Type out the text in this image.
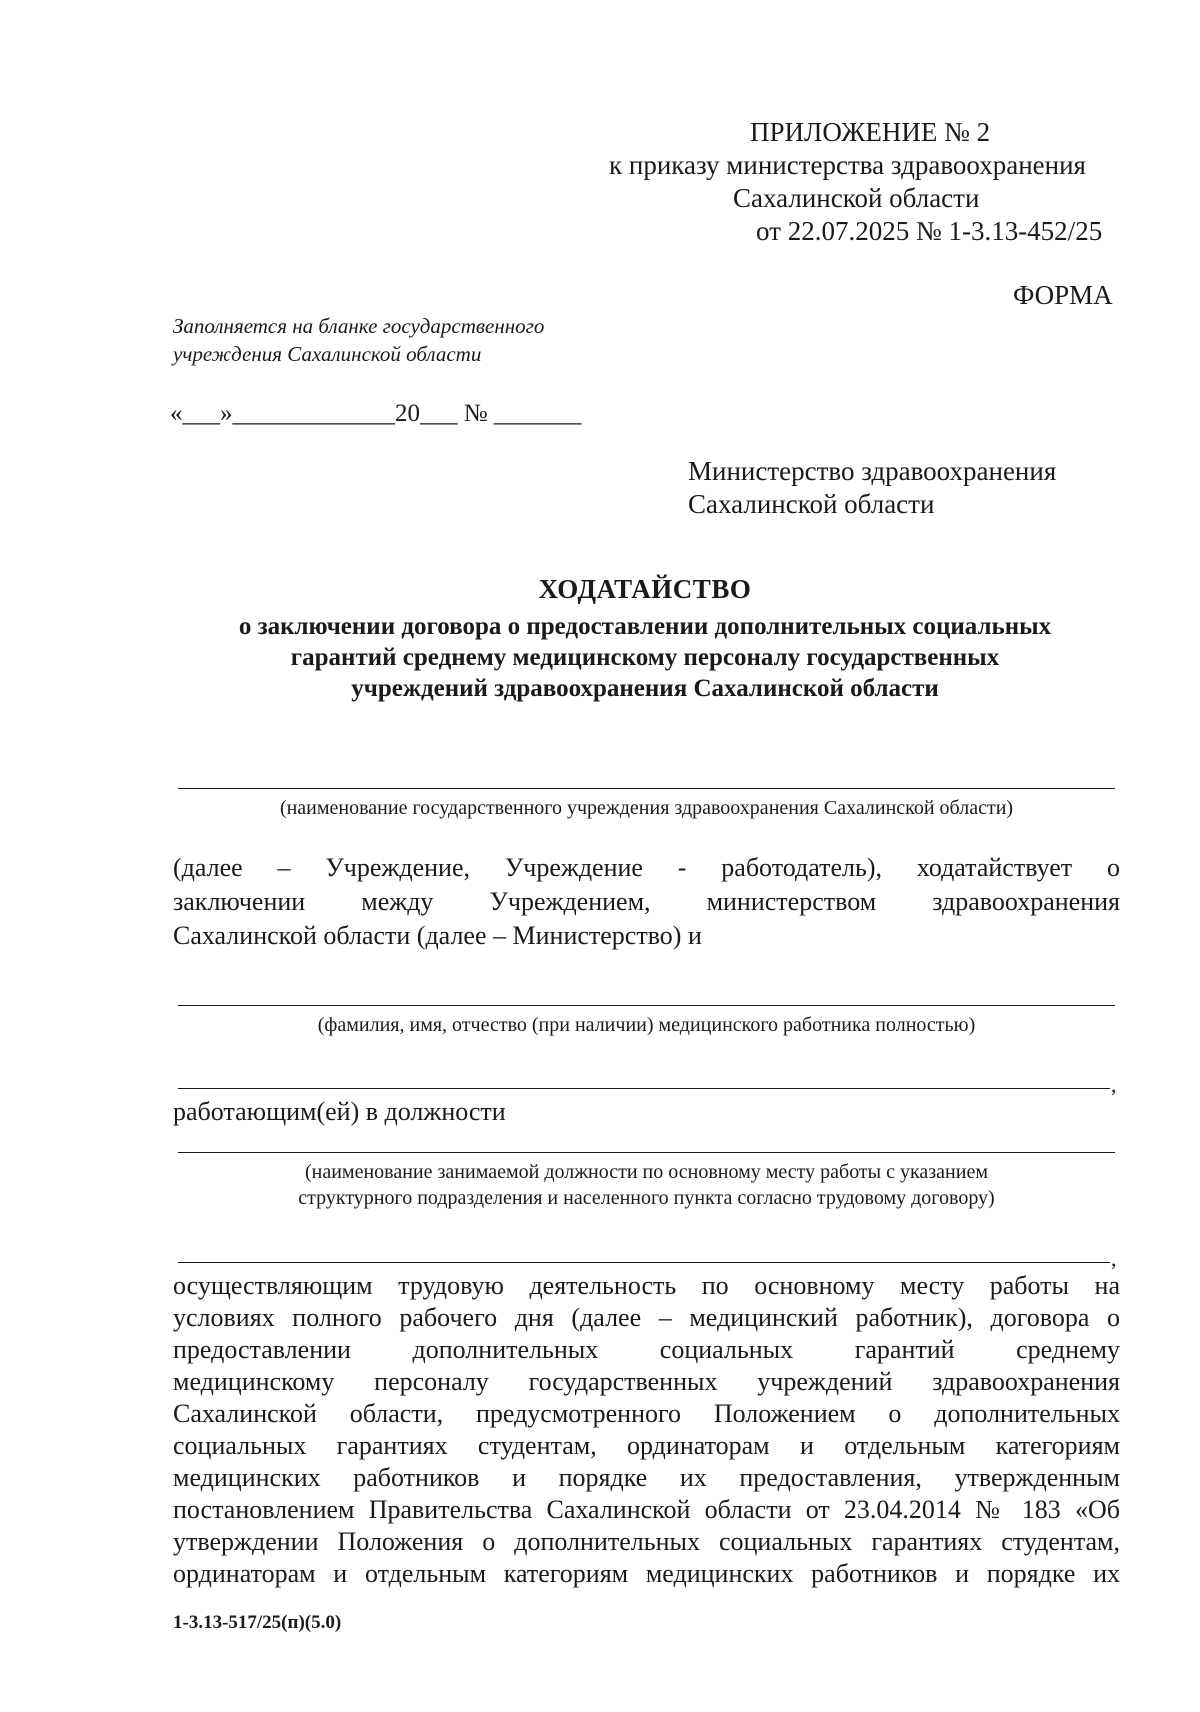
ПРИЛОЖЕНИЕ № 2
к приказу министерства здравоохранения
Сахалинской области
от 22.07.2025 № 1-3.13-452/25
ФОРМА
Заполняется на бланке государственного
учреждения Сахалинской области
«___»_____________20___ № _______
Министерство здравоохранения
Сахалинской области
ХОДАТАЙСТВО
о заключении договора о предоставлении дополнительных социальных
гарантий среднему медицинскому персоналу государственных
учреждений здравоохранения Сахалинской области
(наименование государственного учреждения здравоохранения Сахалинской области)
(далее – Учреждение, Учреждение - работодатель), ходатайствует о
заключении между Учреждением, министерством здравоохранения
Сахалинской области (далее – Министерство) и
(фамилия, имя, отчество (при наличии) медицинского работника полностью)
,
работающим(ей) в должности
(наименование занимаемой должности по основному месту работы с указанием
структурного подразделения и населенного пункта согласно трудовому договору)
,
осуществляющим трудовую деятельность по основному месту работы на
условиях полного рабочего дня (далее – медицинский работник), договора о
предоставлении дополнительных социальных гарантий среднему
медицинскому персоналу государственных учреждений здравоохранения
Сахалинской области, предусмотренного Положением о дополнительных
социальных гарантиях студентам, ординаторам и отдельным категориям
медицинских работников и порядке их предоставления, утвержденным
постановлением Правительства Сахалинской области от 23.04.2014 № 183 «Об
утверждении Положения о дополнительных социальных гарантиях студентам,
ординаторам и отдельным категориям медицинских работников и порядке их
1-3.13-517/25(п)(5.0)
